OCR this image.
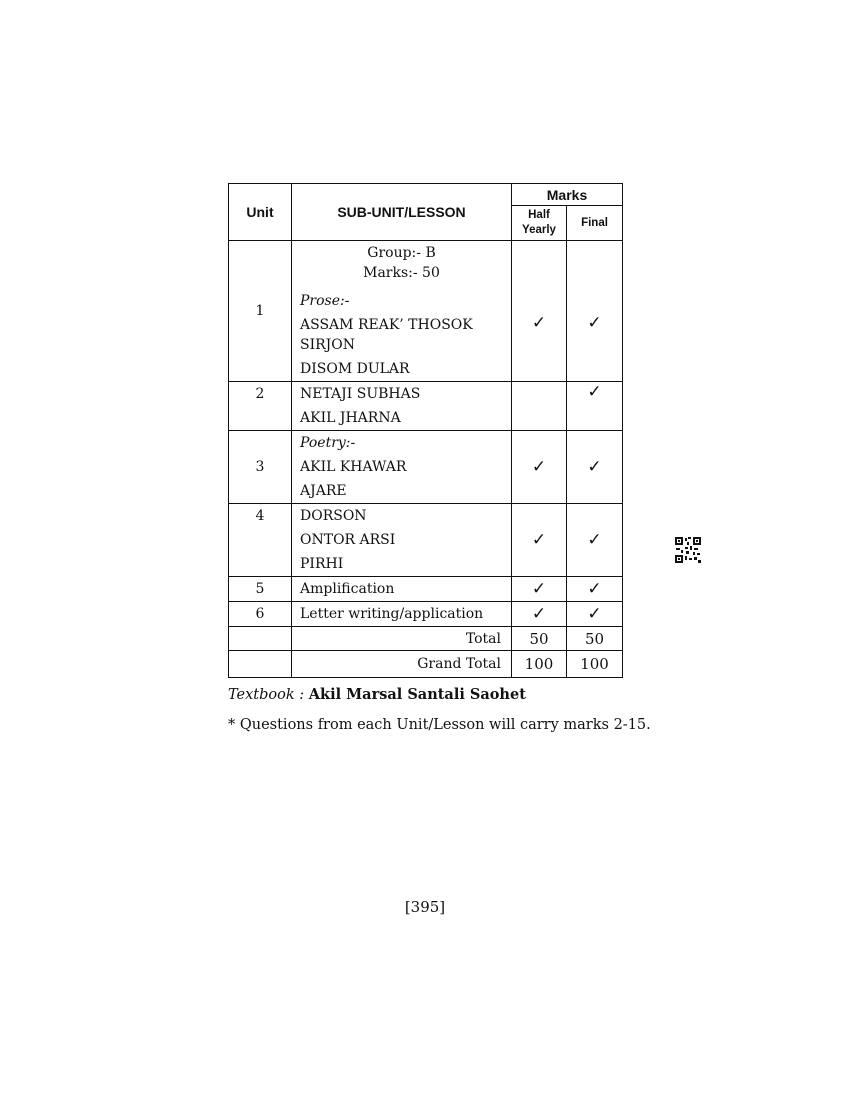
Unit	SUB-UNIT/LESSON	Marks	
		Half Yearly	Final
1	Group:- B
Marks:- 50
Prose:-
ASSAM REAK’ THOSOK SIRJON
DISOM DULAR	✓	✓

2	NETAJI SUBHAS
AKIL JHARNA		✓

3	Poetry:-
AKIL KHAWAR
AJARE	✓	✓

4	DORSON
ONTOR ARSI
PIRHI	✓	✓

5	Amplification	✓	✓

6	Letter writing/application	✓	✓

	Total	50	50
	Grand Total	100	100
Textbook : Akil Marsal Santali Saohet
* Questions from each Unit/Lesson will carry marks 2-15.
[395]
